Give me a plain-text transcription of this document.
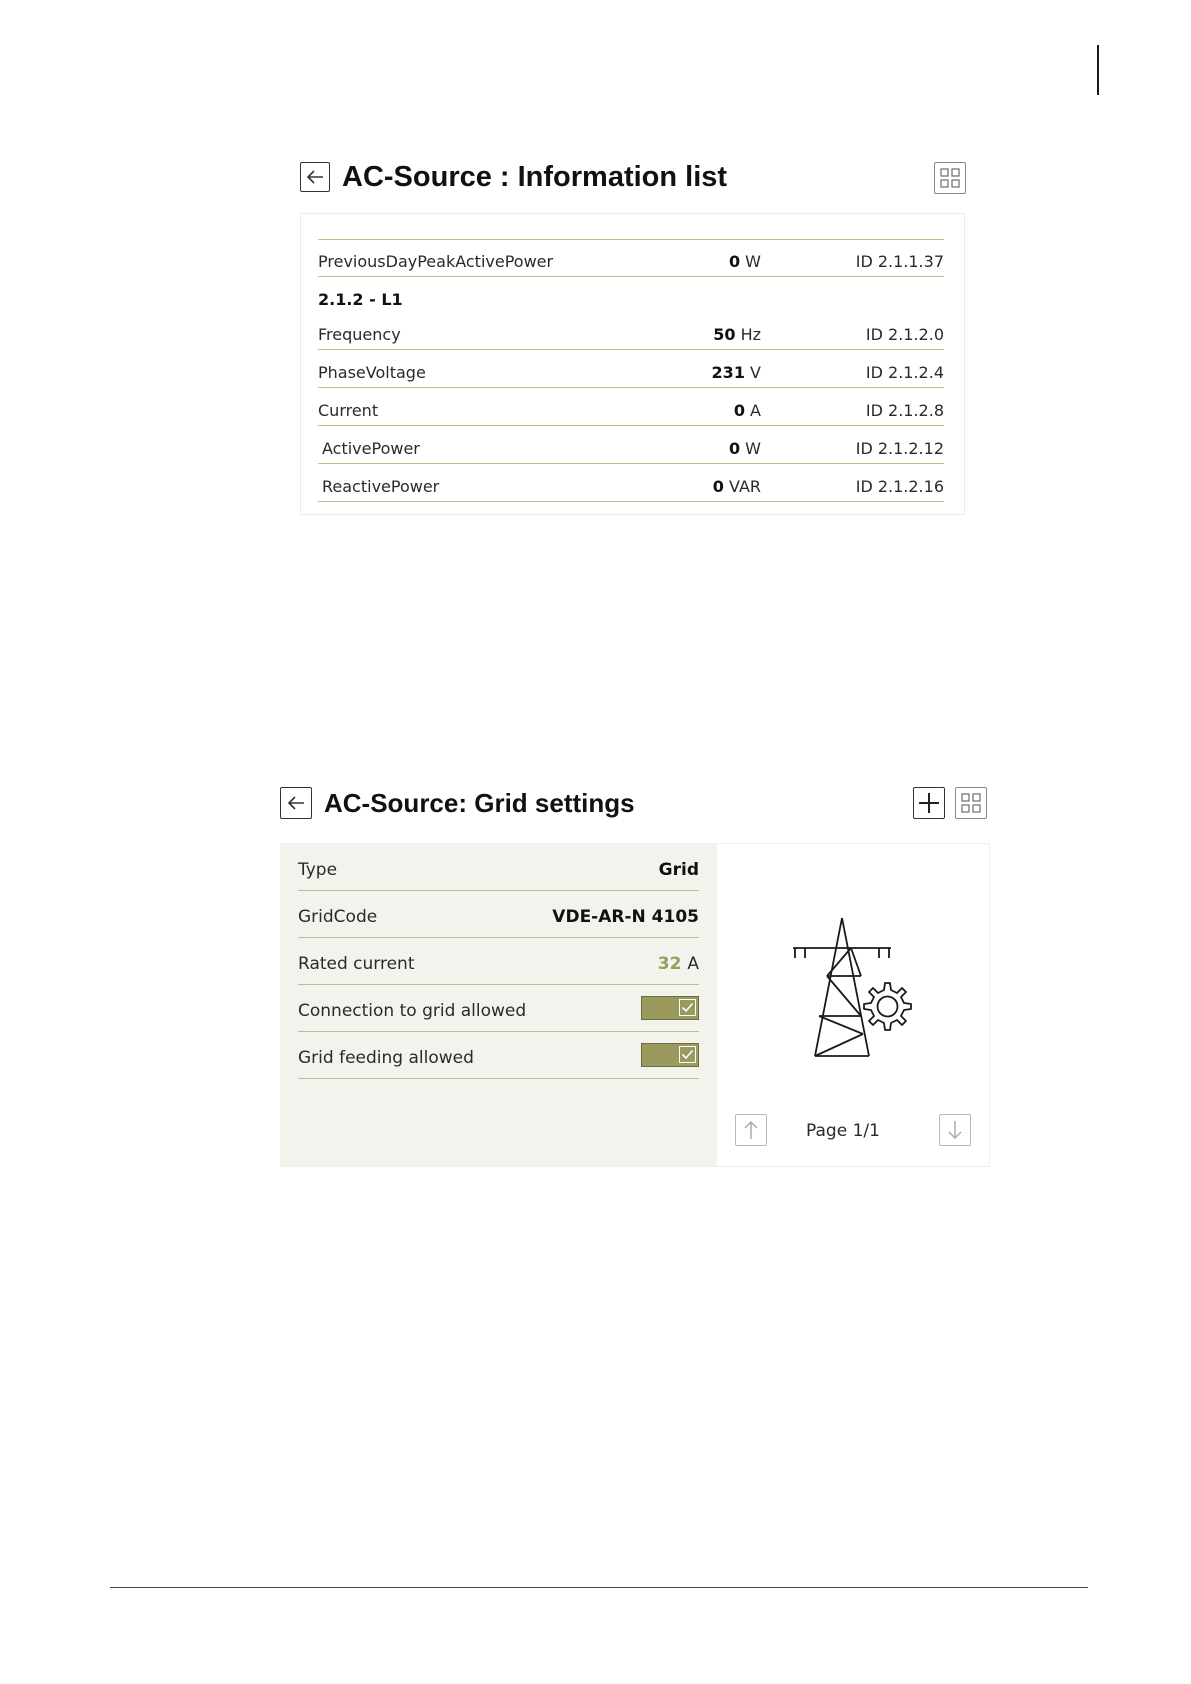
AC-Source : Information list
PreviousDayPeakActivePower	0 W	ID 2.1.1.37
2.1.2 - L1
Frequency	50 Hz	ID 2.1.2.0
PhaseVoltage	231 V	ID 2.1.2.4
Current	0 A	ID 2.1.2.8
ActivePower	0 W	ID 2.1.2.12
ReactivePower	0 VAR	ID 2.1.2.16
AC-Source: Grid settings
Type	Grid
GridCode	VDE-AR-N 4105
Rated current	32 A
Connection to grid allowed
Grid feeding allowed
Page 1/1
